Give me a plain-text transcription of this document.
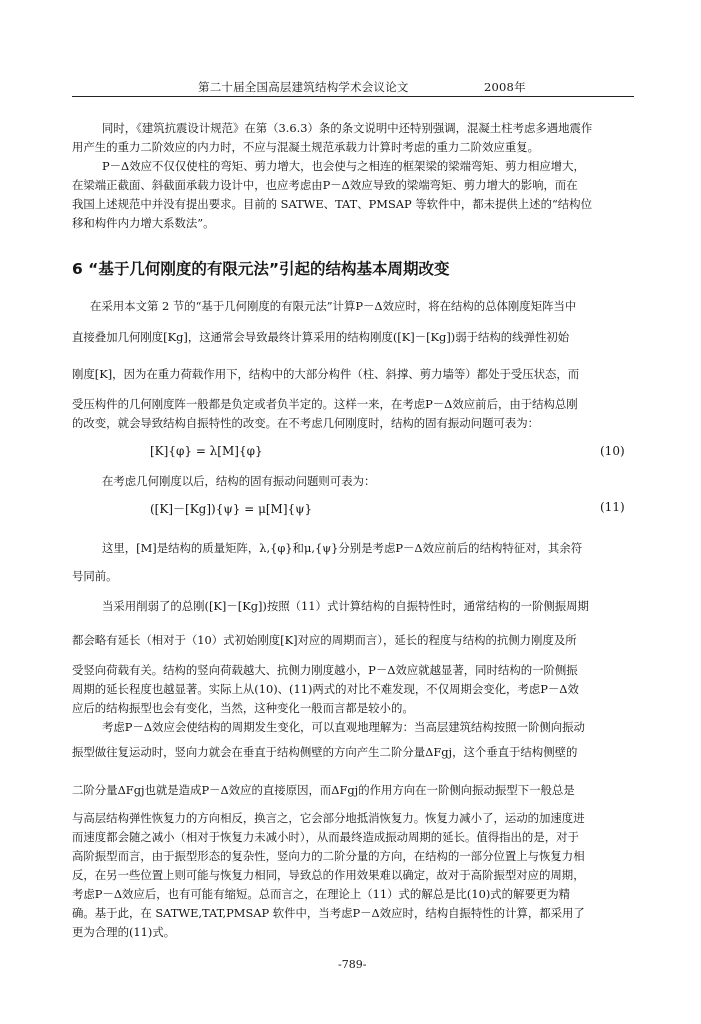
第二十届全国高层建筑结构学术会议论文	2008年
同时，《建筑抗震设计规范》在第（3.6.3）条的条文说明中还特别强调，混凝土柱考虑多遇地震作
用产生的重力二阶效应的内力时，不应与混凝土规范承载力计算时考虑的重力二阶效应重复。
P－Δ效应不仅仅使柱的弯矩、剪力增大，也会使与之相连的框架梁的梁端弯矩、剪力相应增大，
在梁端正截面、斜截面承载力设计中，也应考虑由P－Δ效应导致的梁端弯矩、剪力增大的影响，而在
我国上述规范中并没有提出要求。目前的 SATWE、TAT、PMSAP 等软件中，都未提供上述的“结构位
移和构件内力增大系数法”。
6 “基于几何刚度的有限元法”引起的结构基本周期改变
在采用本文第 2 节的“基于几何刚度的有限元法”计算P－Δ效应时，将在结构的总体刚度矩阵当中
直接叠加几何刚度[Kg]，这通常会导致最终计算采用的结构刚度([K]－[Kg])弱于结构的线弹性初始
刚度[K]，因为在重力荷载作用下，结构中的大部分构件（柱、斜撑、剪力墙等）都处于受压状态，而
受压构件的几何刚度阵一般都是负定或者负半定的。这样一来，在考虑P－Δ效应前后，由于结构总刚
的改变，就会导致结构自振特性的改变。在不考虑几何刚度时，结构的固有振动问题可表为：
[K]{φ} = λ[M]{φ}	(10)
在考虑几何刚度以后，结构的固有振动问题则可表为：
([K]－[Kg]){ψ} = μ[M]{ψ}	(11)
这里，[M]是结构的质量矩阵，λ,{φ}和μ,{ψ}分别是考虑P－Δ效应前后的结构特征对，其余符
号同前。
当采用削弱了的总刚([K]－[Kg])按照（11）式计算结构的自振特性时，通常结构的一阶侧振周期
都会略有延长（相对于（10）式初始刚度[K]对应的周期而言），延长的程度与结构的抗侧力刚度及所
受竖向荷载有关。结构的竖向荷载越大、抗侧力刚度越小，P－Δ效应就越显著，同时结构的一阶侧振
周期的延长程度也越显著。实际上从(10)、(11)两式的对比不难发现，不仅周期会变化，考虑P－Δ效
应后的结构振型也会有变化，当然，这种变化一般而言都是较小的。
考虑P－Δ效应会使结构的周期发生变化，可以直观地理解为：当高层建筑结构按照一阶侧向振动
振型做往复运动时，竖向力就会在垂直于结构侧壁的方向产生二阶分量ΔFgj，这个垂直于结构侧壁的
二阶分量ΔFgj也就是造成P－Δ效应的直接原因，而ΔFgj的作用方向在一阶侧向振动振型下一般总是
与高层结构弹性恢复力的方向相反，换言之，它会部分地抵消恢复力。恢复力减小了，运动的加速度进
而速度都会随之减小（相对于恢复力未减小时），从而最终造成振动周期的延长。值得指出的是，对于
高阶振型而言，由于振型形态的复杂性，竖向力的二阶分量的方向，在结构的一部分位置上与恢复力相
反，在另一些位置上则可能与恢复力相同，导致总的作用效果难以确定，故对于高阶振型对应的周期，
考虑P－Δ效应后，也有可能有缩短。总而言之，在理论上（11）式的解总是比(10)式的解要更为精
确。基于此，在 SATWE,TAT,PMSAP 软件中，当考虑P－Δ效应时，结构自振特性的计算，都采用了
更为合理的(11)式。
-789-
